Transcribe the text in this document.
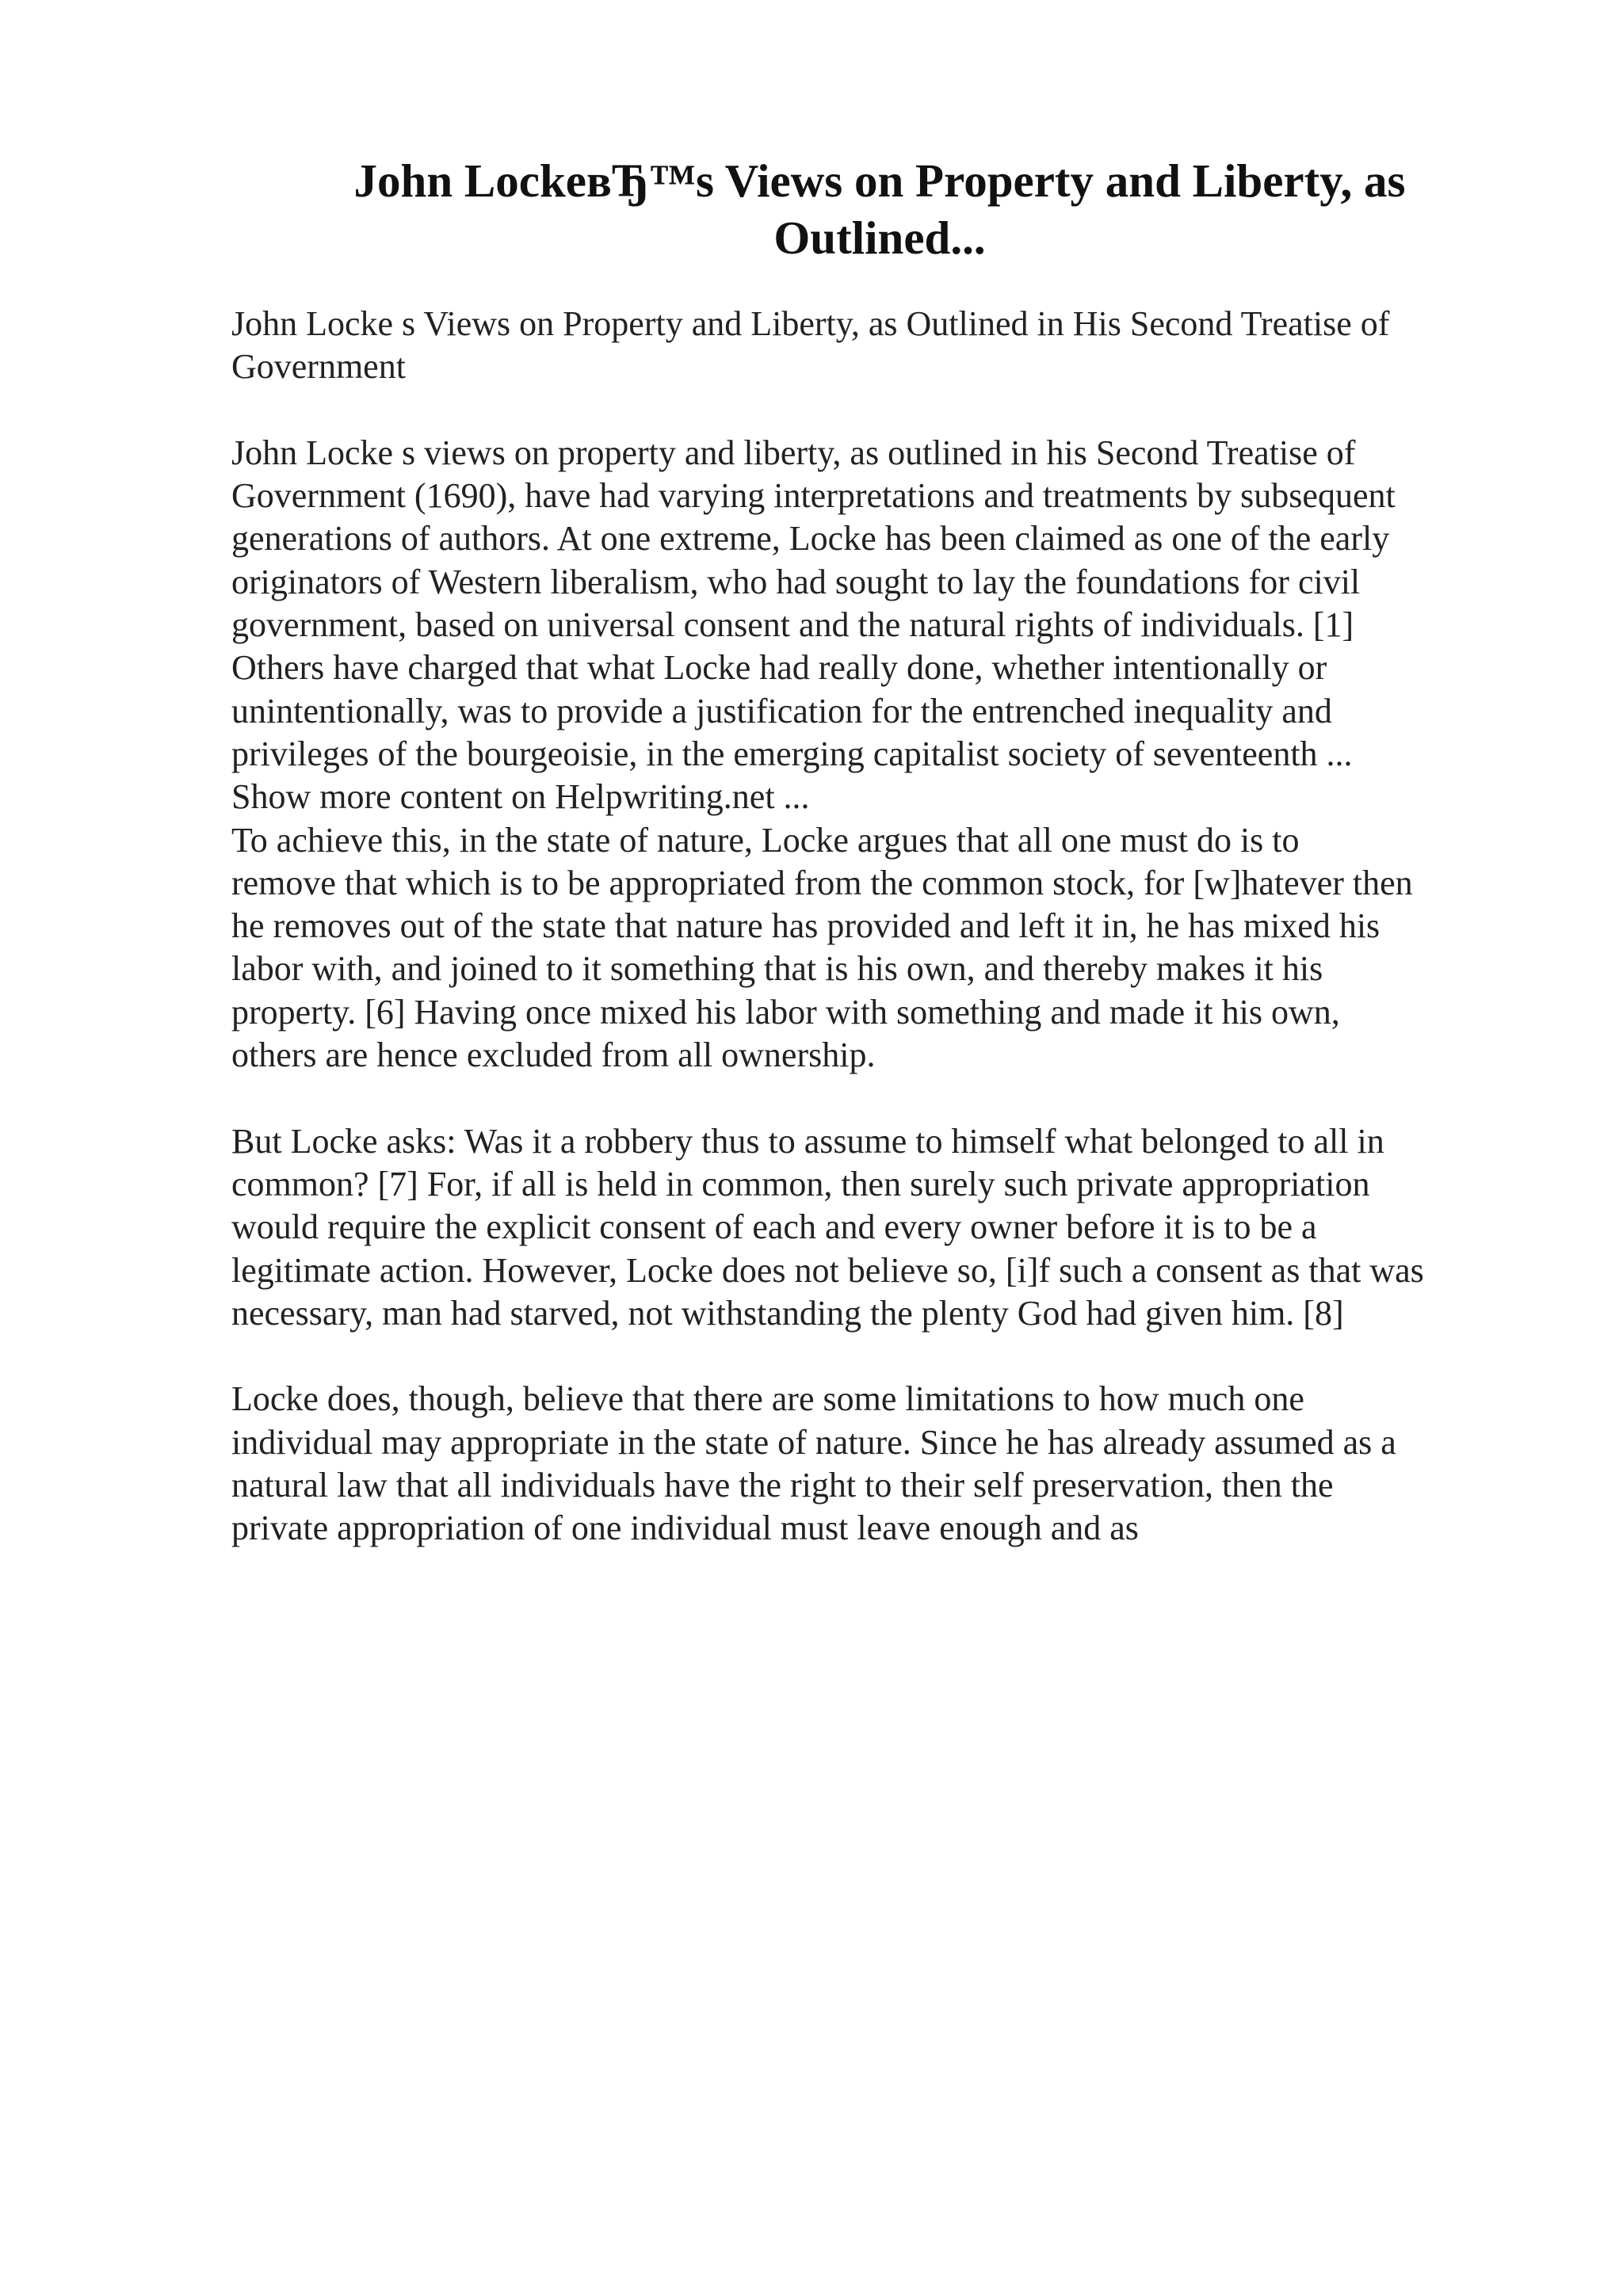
John LockeвЂ™s Views on Property and Liberty, as Outlined...

John Locke s Views on Property and Liberty, as Outlined in His Second Treatise of
Government

John Locke s views on property and liberty, as outlined in his Second Treatise of
Government (1690), have had varying interpretations and treatments by subsequent
generations of authors. At one extreme, Locke has been claimed as one of the early
originators of Western liberalism, who had sought to lay the foundations for civil
government, based on universal consent and the natural rights of individuals. [1]
Others have charged that what Locke had really done, whether intentionally or
unintentionally, was to provide a justification for the entrenched inequality and
privileges of the bourgeoisie, in the emerging capitalist society of seventeenth ...

Show more content on Helpwriting.net ...

To achieve this, in the state of nature, Locke argues that all one must do is to
remove that which is to be appropriated from the common stock, for [w]hatever then
he removes out of the state that nature has provided and left it in, he has mixed his
labor with, and joined to it something that is his own, and thereby makes it his
property. [6] Having once mixed his labor with something and made it his own,
others are hence excluded from all ownership.

But Locke asks: Was it a robbery thus to assume to himself what belonged to all in
common? [7] For, if all is held in common, then surely such private appropriation
would require the explicit consent of each and every owner before it is to be a
legitimate action. However, Locke does not believe so, [i]f such a consent as that was
necessary, man had starved, not withstanding the plenty God had given him. [8]

Locke does, though, believe that there are some limitations to how much one
individual may appropriate in the state of nature. Since he has already assumed as a
natural law that all individuals have the right to their self preservation, then the
private appropriation of one individual must leave enough and as
